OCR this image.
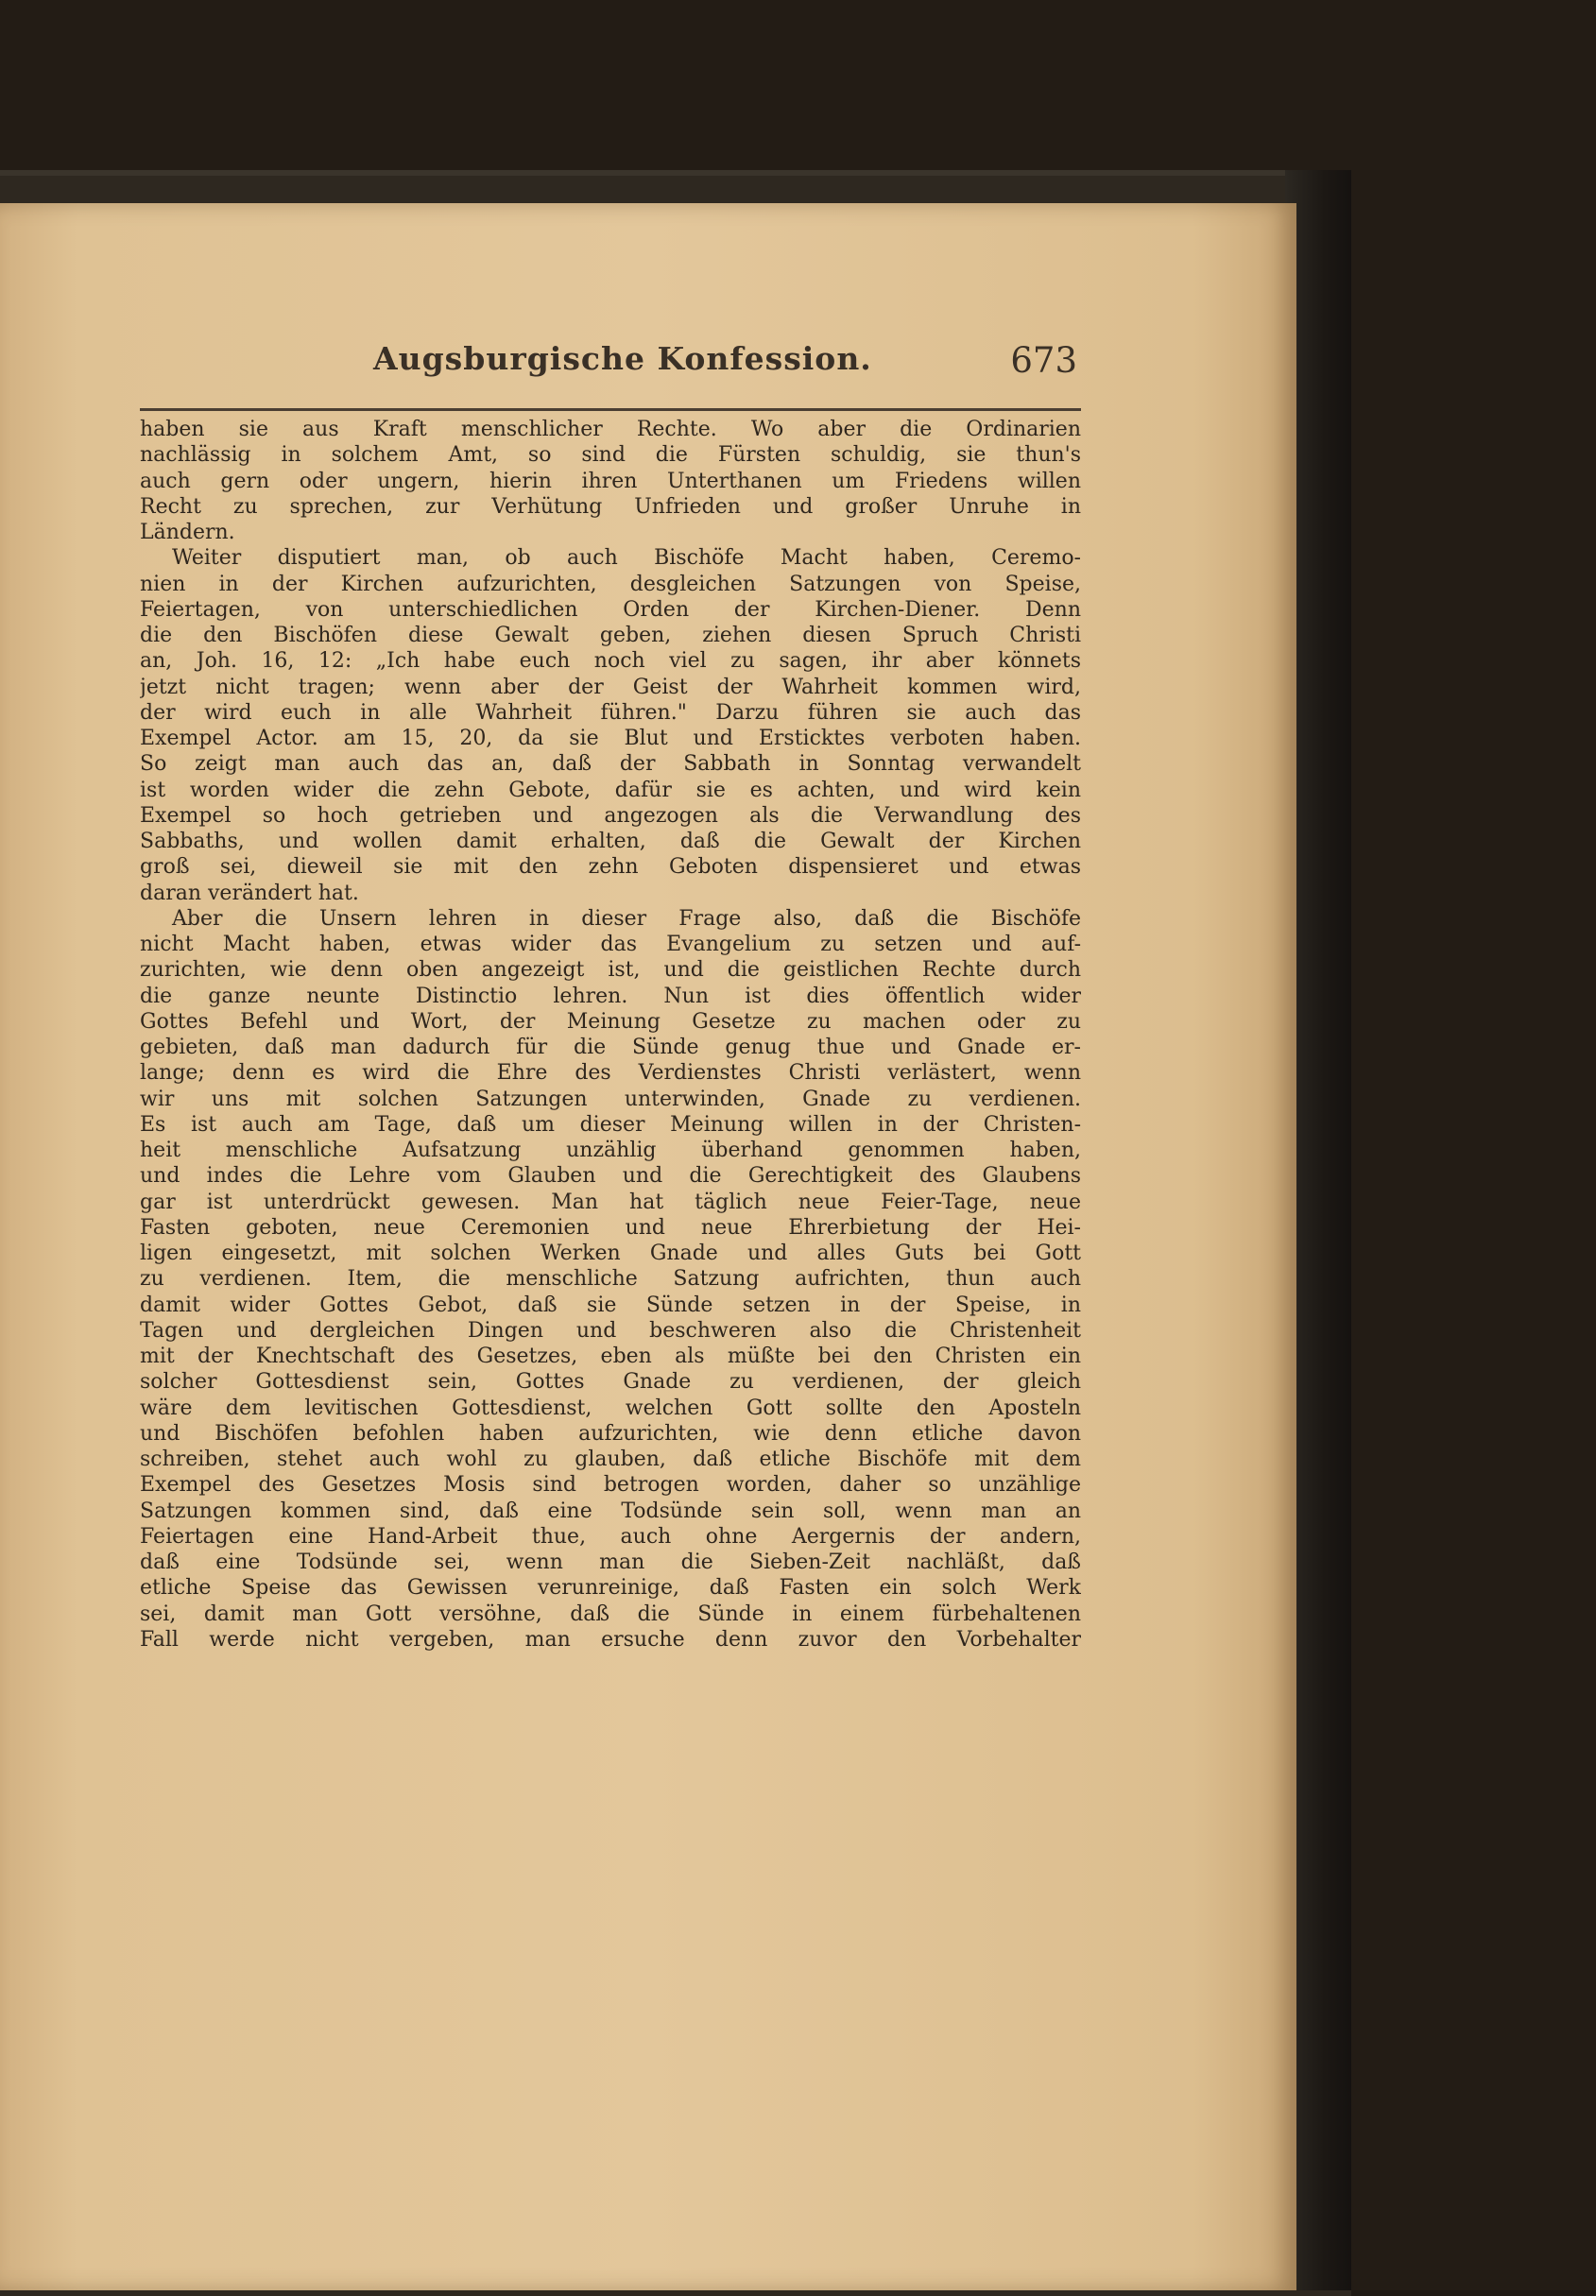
Augsburgische Konfession.	673
haben sie aus Kraft menschlicher Rechte. Wo aber die Ordinarien
nachlässig in solchem Amt, so sind die Fürsten schuldig, sie thun's
auch gern oder ungern, hierin ihren Unterthanen um Friedens willen
Recht zu sprechen, zur Verhütung Unfrieden und großer Unruhe in
Ländern.
Weiter disputiert man, ob auch Bischöfe Macht haben, Ceremo-
nien in der Kirchen aufzurichten, desgleichen Satzungen von Speise,
Feiertagen, von unterschiedlichen Orden der Kirchen-Diener. Denn
die den Bischöfen diese Gewalt geben, ziehen diesen Spruch Christi
an, Joh. 16, 12: „Ich habe euch noch viel zu sagen, ihr aber könnets
jetzt nicht tragen; wenn aber der Geist der Wahrheit kommen wird,
der wird euch in alle Wahrheit führen." Darzu führen sie auch das
Exempel Actor. am 15, 20, da sie Blut und Ersticktes verboten haben.
So zeigt man auch das an, daß der Sabbath in Sonntag verwandelt
ist worden wider die zehn Gebote, dafür sie es achten, und wird kein
Exempel so hoch getrieben und angezogen als die Verwandlung des
Sabbaths, und wollen damit erhalten, daß die Gewalt der Kirchen
groß sei, dieweil sie mit den zehn Geboten dispensieret und etwas
daran verändert hat.
Aber die Unsern lehren in dieser Frage also, daß die Bischöfe
nicht Macht haben, etwas wider das Evangelium zu setzen und auf-
zurichten, wie denn oben angezeigt ist, und die geistlichen Rechte durch
die ganze neunte Distinctio lehren. Nun ist dies öffentlich wider
Gottes Befehl und Wort, der Meinung Gesetze zu machen oder zu
gebieten, daß man dadurch für die Sünde genug thue und Gnade er-
lange; denn es wird die Ehre des Verdienstes Christi verlästert, wenn
wir uns mit solchen Satzungen unterwinden, Gnade zu verdienen.
Es ist auch am Tage, daß um dieser Meinung willen in der Christen-
heit menschliche Aufsatzung unzählig überhand genommen haben,
und indes die Lehre vom Glauben und die Gerechtigkeit des Glaubens
gar ist unterdrückt gewesen. Man hat täglich neue Feier-Tage, neue
Fasten geboten, neue Ceremonien und neue Ehrerbietung der Hei-
ligen eingesetzt, mit solchen Werken Gnade und alles Guts bei Gott
zu verdienen. Item, die menschliche Satzung aufrichten, thun auch
damit wider Gottes Gebot, daß sie Sünde setzen in der Speise, in
Tagen und dergleichen Dingen und beschweren also die Christenheit
mit der Knechtschaft des Gesetzes, eben als müßte bei den Christen ein
solcher Gottesdienst sein, Gottes Gnade zu verdienen, der gleich
wäre dem levitischen Gottesdienst, welchen Gott sollte den Aposteln
und Bischöfen befohlen haben aufzurichten, wie denn etliche davon
schreiben, stehet auch wohl zu glauben, daß etliche Bischöfe mit dem
Exempel des Gesetzes Mosis sind betrogen worden, daher so unzählige
Satzungen kommen sind, daß eine Todsünde sein soll, wenn man an
Feiertagen eine Hand-Arbeit thue, auch ohne Aergernis der andern,
daß eine Todsünde sei, wenn man die Sieben-Zeit nachläßt, daß
etliche Speise das Gewissen verunreinige, daß Fasten ein solch Werk
sei, damit man Gott versöhne, daß die Sünde in einem fürbehaltenen
Fall werde nicht vergeben, man ersuche denn zuvor den Vorbehalter
